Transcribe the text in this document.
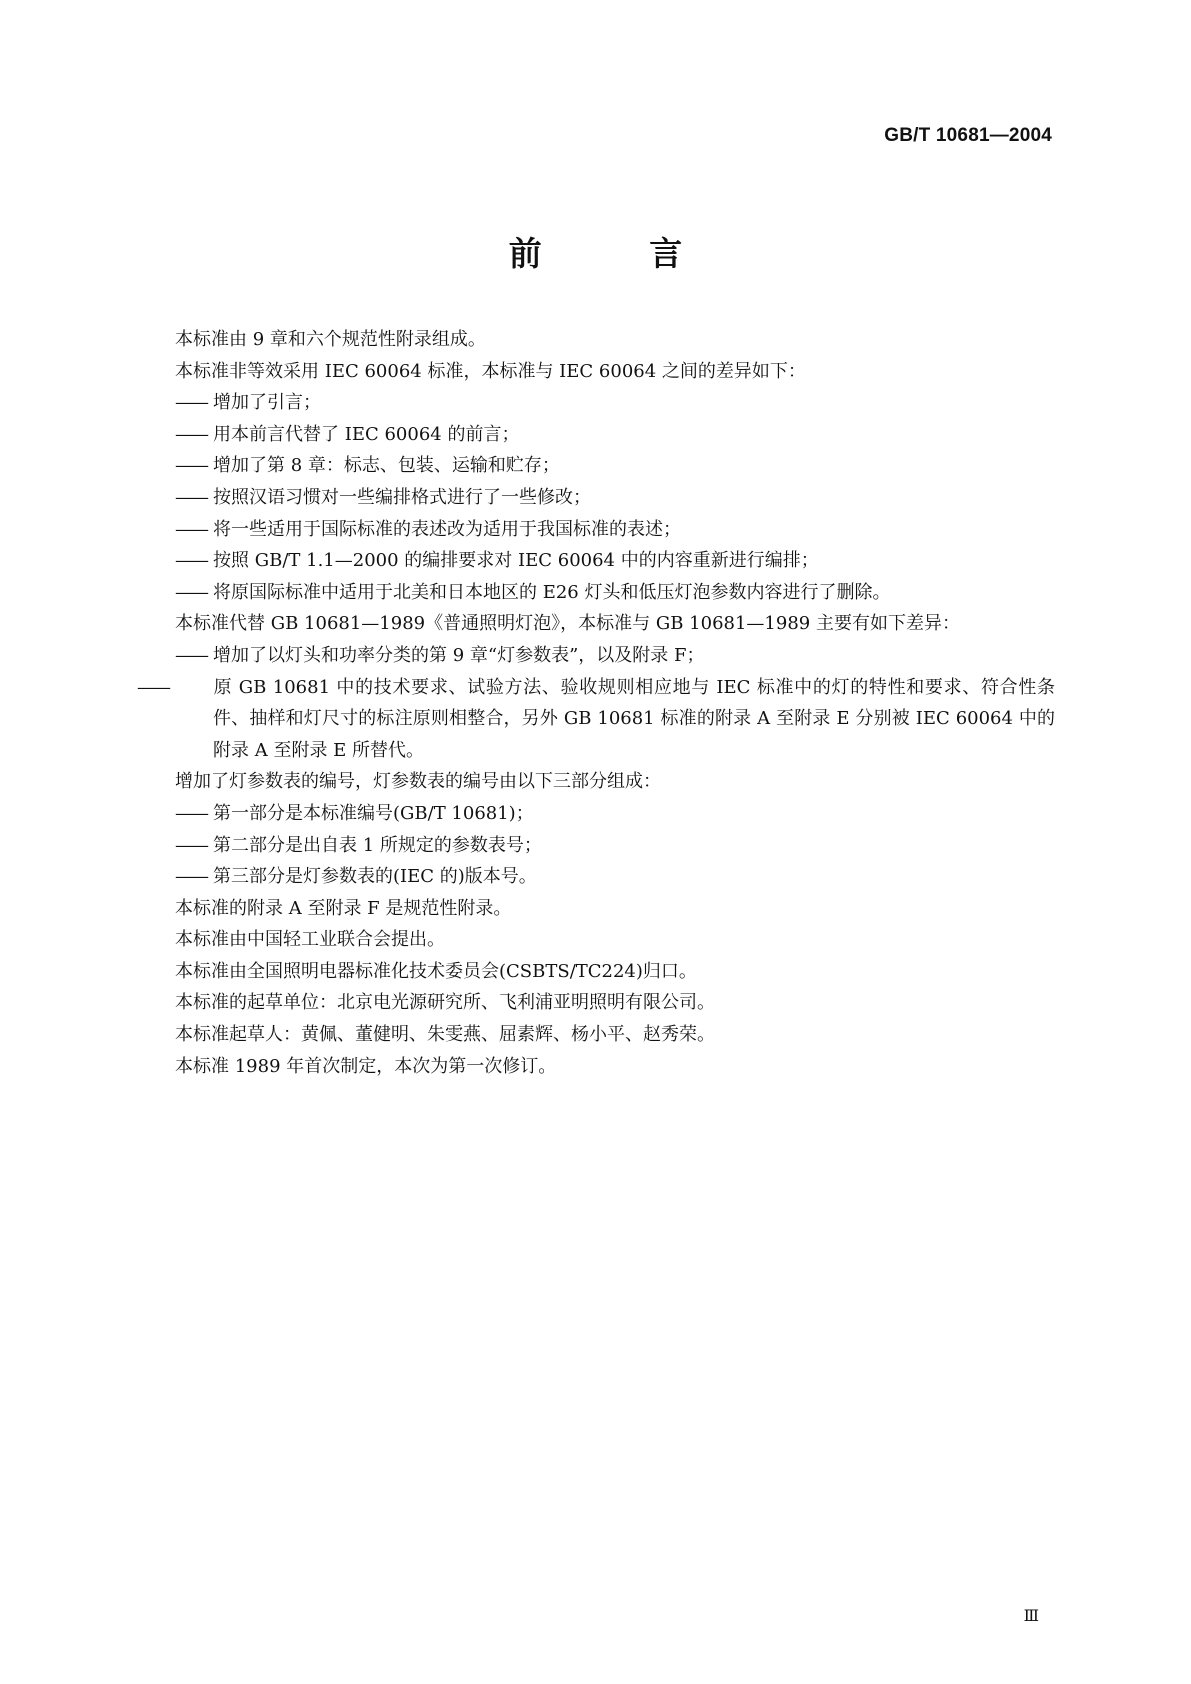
GB/T 10681—2004
前 言

本标准由 9 章和六个规范性附录组成。

本标准非等效采用 IEC 60064 标准，本标准与 IEC 60064 之间的差异如下：

—— 增加了引言；

—— 用本前言代替了 IEC 60064 的前言；

—— 增加了第 8 章：标志、包装、运输和贮存；

—— 按照汉语习惯对一些编排格式进行了一些修改；

—— 将一些适用于国际标准的表述改为适用于我国标准的表述；

—— 按照 GB/T 1.1—2000 的编排要求对 IEC 60064 中的内容重新进行编排；

—— 将原国际标准中适用于北美和日本地区的 E26 灯头和低压灯泡参数内容进行了删除。

本标准代替 GB 10681—1989《普通照明灯泡》，本标准与 GB 10681—1989 主要有如下差异：

—— 增加了以灯头和功率分类的第 9 章“灯参数表”，以及附录 F；

—— 原 GB 10681 中的技术要求、试验方法、验收规则相应地与 IEC 标准中的灯的特性和要求、符合性条件、抽样和灯尺寸的标注原则相整合，另外 GB 10681 标准的附录 A 至附录 E 分别被 IEC 60064 中的附录 A 至附录 E 所替代。

增加了灯参数表的编号，灯参数表的编号由以下三部分组成：

—— 第一部分是本标准编号(GB/T 10681)；

—— 第二部分是出自表 1 所规定的参数表号；

—— 第三部分是灯参数表的(IEC 的)版本号。

本标准的附录 A 至附录 F 是规范性附录。

本标准由中国轻工业联合会提出。

本标准由全国照明电器标准化技术委员会(CSBTS/TC224)归口。

本标准的起草单位：北京电光源研究所、飞利浦亚明照明有限公司。

本标准起草人：黄佩、董健明、朱雯燕、屈素辉、杨小平、赵秀荣。

本标准 1989 年首次制定，本次为第一次修订。

Ⅲ
